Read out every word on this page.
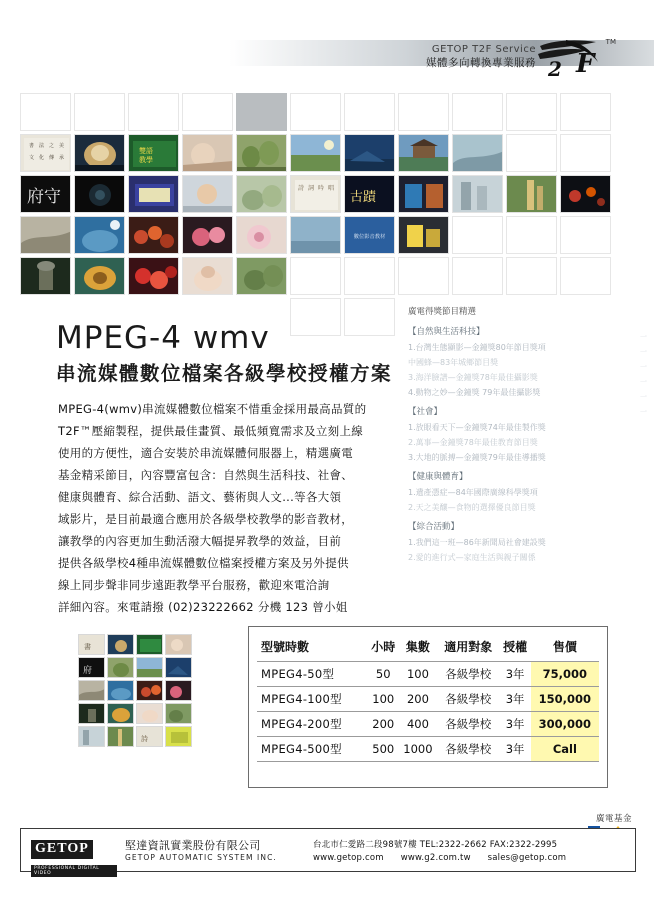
GETOP T2F Service
媒體多向轉換專業服務 F
2
TM
書 法 之 美
文 化 傳 承
雙語
教學
府守	詩 詞 吟 唱
古蹟
數位影音教材
MPEG-4 wmv
串流媒體數位檔案各級學校授權方案

MPEG-4(wmv)串流媒體數位檔案不惜重金採用最高品質的

T2F™壓縮製程，提供最佳畫質、最低頻寬需求及立刻上線

使用的方便性，適合安裝於串流媒體伺服器上，精選廣電

基金精采節目，內容豐富包含：自然與生活科技、社會、

健康與體育、綜合活動、語文、藝術與人文...等各大領

域影片，是目前最適合應用於各級學校教學的影音教材，

讓教學的內容更加生動活潑大幅提昇教學的效益，目前

提供各級學校4種串流媒體數位檔案授權方案及另外提供

線上同步聲非同步遠距教學平台服務，歡迎來電洽詢

詳細內容。來電請撥 (02)23222662 分機 123 曾小姐

廣電得獎節目精選
【自然與生活科技】
1.台灣生態顯影—金鐘獎80年節目獎項
中國蜂—83年城鄉節目獎
3.海洋臉譜—金鐘獎78年最佳攝影獎
4.動物之妙—金鐘獎 79年最佳攝影獎
【社會】
1.放眼看天下—金鐘獎74年最佳製作獎
2.萬事—金鐘獎78年最佳教育節目獎
3.大地的脈搏—金鐘獎79年最佳導播獎
【健康與體育】
1.遺產憑症—84年國際廣線科學獎項
2.天之美釀—食物的選擇優良節目獎
【綜合活動】
1.我們這一班—86年新聞局社會建設獎
2.愛的進行式—家庭生活與親子關係
一
一
一
一
一
一
書
府
詩
型號時數	小時	集數	適用對象	授權	售價
MPEG4-50型	50	100	各級學校	3年	75,000
MPEG4-100型	100	200	各級學校	3年	150,000
MPEG4-200型	200	400	各級學校	3年	300,000
MPEG4-500型	500	1000	各級學校	3年	Call
廣電基金
GETOP PROFESSIONAL DIGITAL VIDEO
堅達資訊實業股份有限公司
GETOP AUTOMATIC SYSTEM INC.
台北市仁愛路二段98號7樓 TEL:2322-2662 FAX:2322-2995
www.getop.com www.g2.com.tw sales@getop.com
